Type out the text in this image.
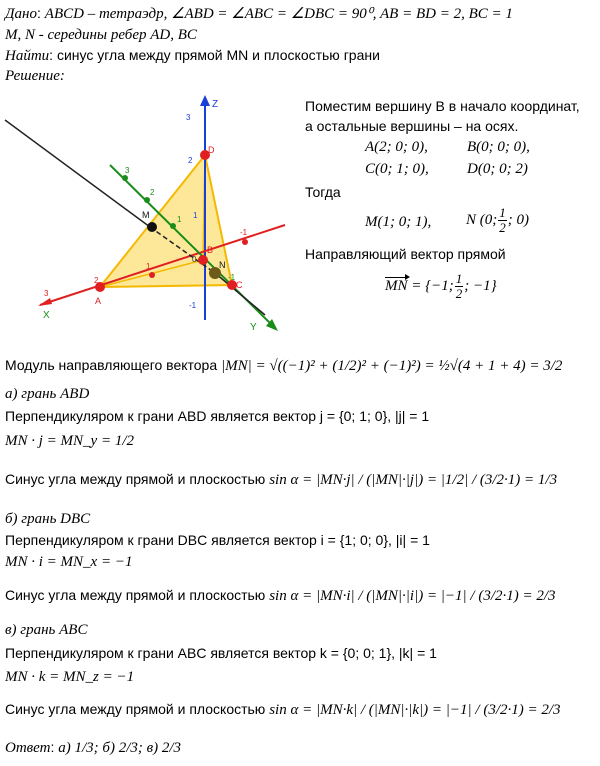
Дано: ABCD – тетраэдр, ∠ABD = ∠ABC = ∠DBC = 90⁰, AB = BD = 2, BC = 1
M, N - середины ребер AD, BC
Найти: синус угла между прямой MN и плоскостью грани
Решение:
Z
X
Y
A
B
C
D
M
N
3
2
1
-1
3
2
1
-1
3
2
1
-1
0
Поместим вершину B в начало координат,
а остальные вершины – на осях.
A(2; 0; 0),	B(0; 0; 0),
C(0; 1; 0),	D(0; 0; 2)
Тогда
M(1; 0; 1), N (0; $\frac{1}{2}$ ; 0)
Направляющий вектор прямой
MN = {−1; $\frac{1}{2}$ ; −1}
Модуль направляющего вектора |MN| = √((−1)² + (1/2)² + (−1)²) = ½√(4 + 1 + 4) = 3/2
а) грань ABD
Перпендикуляром к грани ABD является вектор j = {0; 1; 0}, |j| = 1
MN · j = MN_y = 1/2
Синус угла между прямой и плоскостью sin α = |MN·j| / (|MN|·|j|) = |1/2| / (3/2·1) = 1/3
б) грань DBC
Перпендикуляром к грани DBC является вектор i = {1; 0; 0}, |i| = 1
MN · i = MN_x = −1
Синус угла между прямой и плоскостью sin α = |MN·i| / (|MN|·|i|) = |−1| / (3/2·1) = 2/3
в) грань ABC
Перпендикуляром к грани ABC является вектор k = {0; 0; 1}, |k| = 1
MN · k = MN_z = −1
Синус угла между прямой и плоскостью sin α = |MN·k| / (|MN|·|k|) = |−1| / (3/2·1) = 2/3
Ответ: а) 1/3; б) 2/3; в) 2/3
